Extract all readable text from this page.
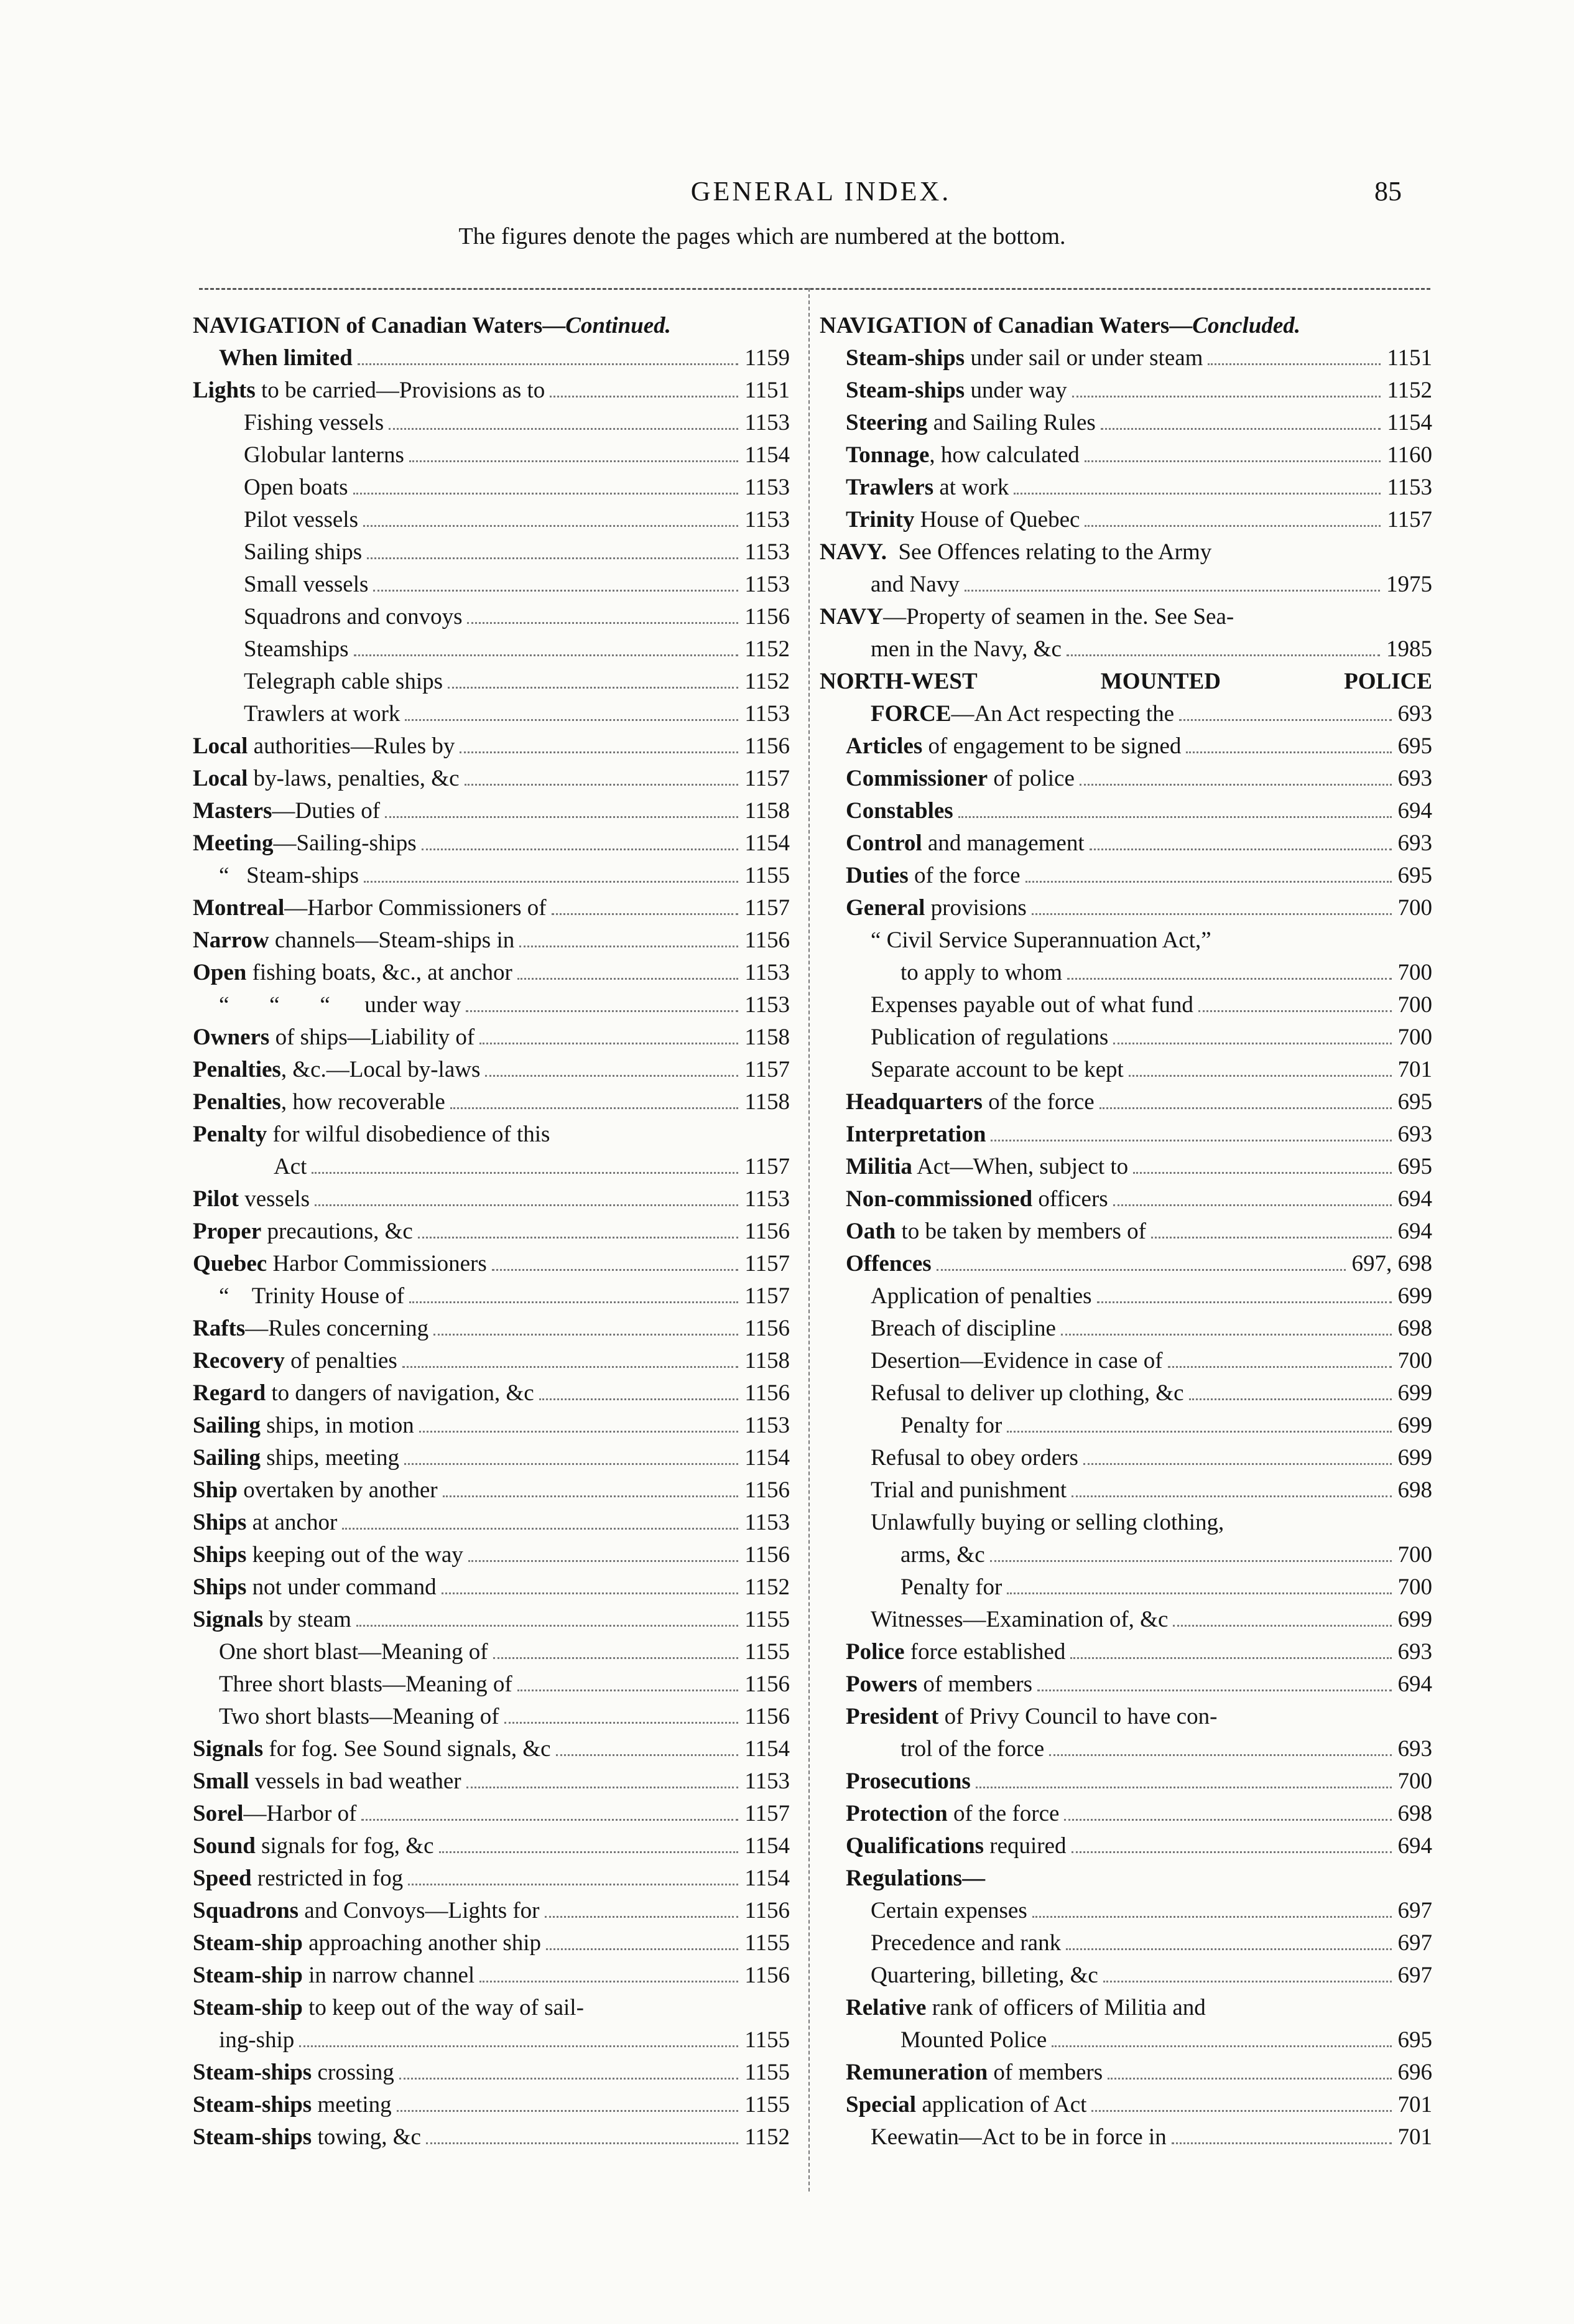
GENERAL INDEX.	85
The figures denote the pages which are numbered at the bottom.
NAVIGATION of Canadian Waters—Continued.
When limited	1159
Lights to be carried—Provisions as to	1151
Fishing vessels	1153
Globular lanterns	1154
Open boats	1153
Pilot vessels	1153
Sailing ships	1153
Small vessels	1153
Squadrons and convoys	1156
Steamships	1152
Telegraph cable ships	1152
Trawlers at work	1153
Local authorities—Rules by	1156
Local by-laws, penalties, &c	1157
Masters—Duties of	1158
Meeting—Sailing-ships	1154
“   Steam-ships	1155
Montreal—Harbor Commissioners of	1157
Narrow channels—Steam-ships in	1156
Open fishing boats, &c., at anchor	1153
“       “       “      under way	1153
Owners of ships—Liability of	1158
Penalties, &c.—Local by-laws	1157
Penalties, how recoverable	1158
Penalty for wilful disobedience of this
Act	1157
Pilot vessels	1153
Proper precautions, &c	1156
Quebec Harbor Commissioners	1157
“    Trinity House of	1157
Rafts—Rules concerning	1156
Recovery of penalties	1158
Regard to dangers of navigation, &c	1156
Sailing ships, in motion	1153
Sailing ships, meeting	1154
Ship overtaken by another	1156
Ships at anchor	1153
Ships keeping out of the way	1156
Ships not under command	1152
Signals by steam	1155
One short blast—Meaning of	1155
Three short blasts—Meaning of	1156
Two short blasts—Meaning of	1156
Signals for fog. See Sound signals, &c	1154
Small vessels in bad weather	1153
Sorel—Harbor of	1157
Sound signals for fog, &c	1154
Speed restricted in fog	1154
Squadrons and Convoys—Lights for	1156
Steam-ship approaching another ship	1155
Steam-ship in narrow channel	1156
Steam-ship to keep out of the way of sail-
ing-ship	1155
Steam-ships crossing	1155
Steam-ships meeting	1155
Steam-ships towing, &c	1152
NAVIGATION of Canadian Waters—Concluded.
Steam-ships under sail or under steam	1151
Steam-ships under way	1152
Steering and Sailing Rules	1154
Tonnage, how calculated	1160
Trawlers at work	1153
Trinity House of Quebec	1157
NAVY.  See Offences relating to the Army
and Navy	1975
NAVY—Property of seamen in the. See Sea-
men in the Navy, &c	1985
NORTH-WEST	MOUNTED	POLICE
FORCE—An Act respecting the	693
Articles of engagement to be signed	695
Commissioner of police	693
Constables	694
Control and management	693
Duties of the force	695
General provisions	700
“ Civil Service Superannuation Act,”
to apply to whom	700
Expenses payable out of what fund	700
Publication of regulations	700
Separate account to be kept	701
Headquarters of the force	695
Interpretation	693
Militia Act—When, subject to	695
Non-commissioned officers	694
Oath to be taken by members of	694
Offences	697, 698
Application of penalties	699
Breach of discipline	698
Desertion—Evidence in case of	700
Refusal to deliver up clothing, &c	699
Penalty for	699
Refusal to obey orders	699
Trial and punishment	698
Unlawfully buying or selling clothing,
arms, &c	700
Penalty for	700
Witnesses—Examination of, &c	699
Police force established	693
Powers of members	694
President of Privy Council to have con-
trol of the force	693
Prosecutions	700
Protection of the force	698
Qualifications required	694
Regulations—
Certain expenses	697
Precedence and rank	697
Quartering, billeting, &c	697
Relative rank of officers of Militia and
Mounted Police	695
Remuneration of members	696
Special application of Act	701
Keewatin—Act to be in force in	701
